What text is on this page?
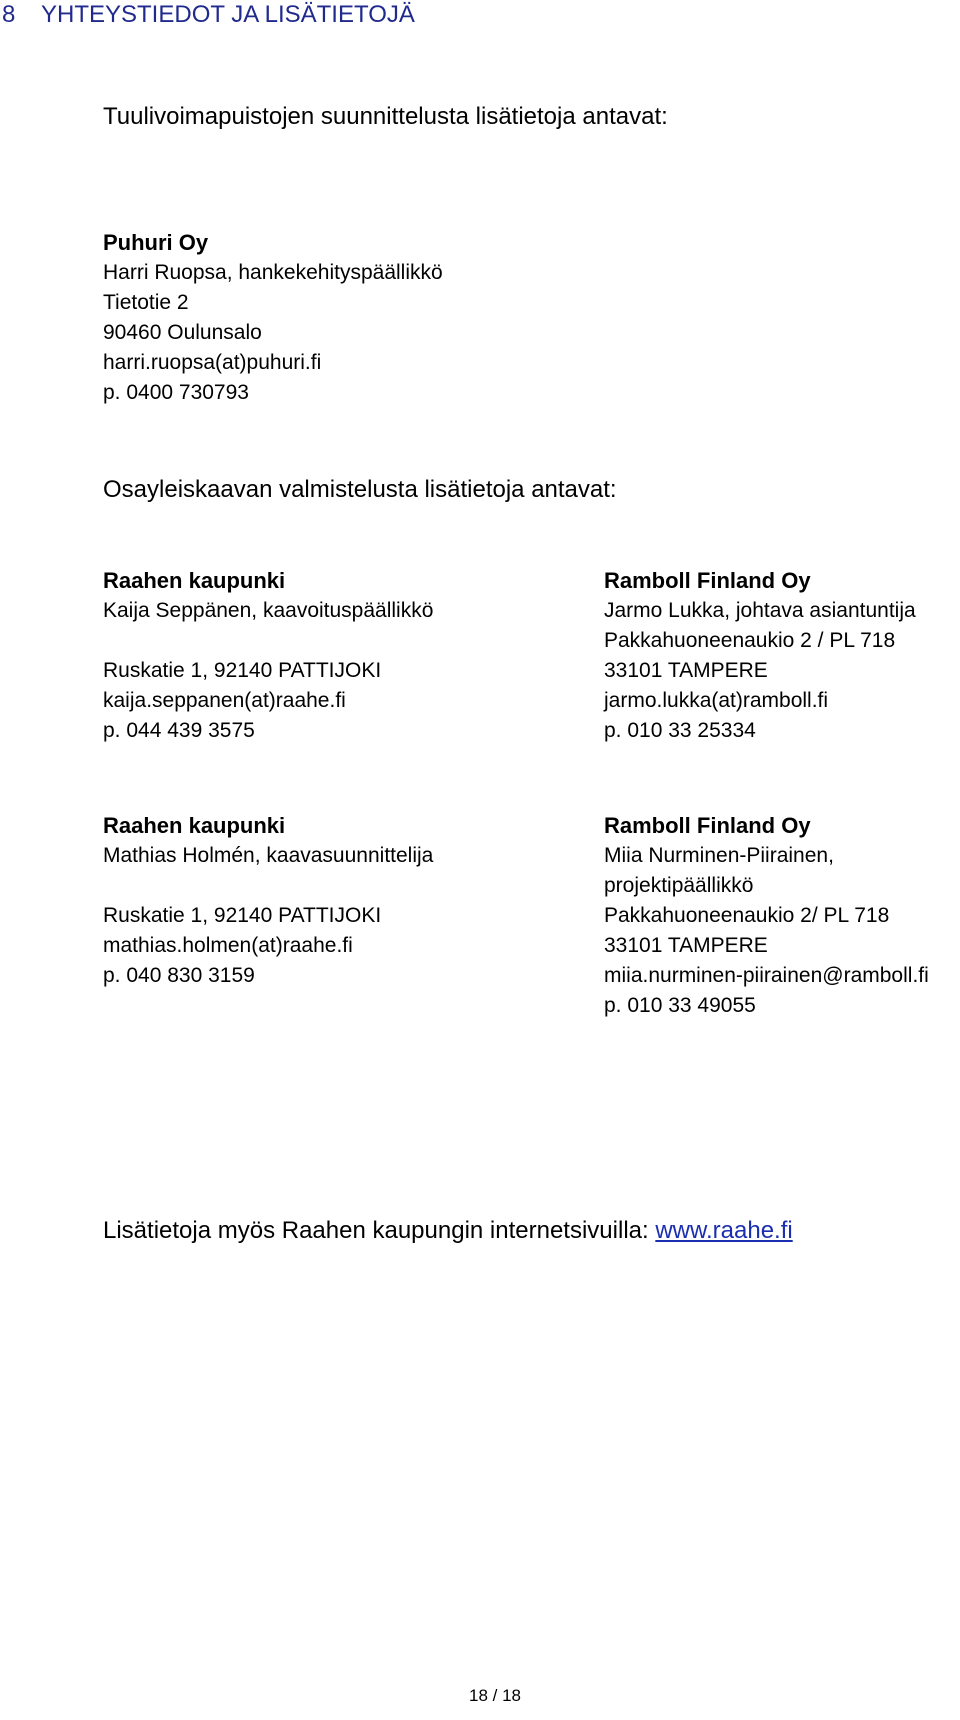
8 YHTEYSTIEDOT JA LISÄTIETOJÄ
Tuulivoimapuistojen suunnittelusta lisätietoja antavat:
Puhuri Oy
Harri Ruopsa, hankekehityspäällikkö
Tietotie 2
90460 Oulunsalo
harri.ruopsa(at)puhuri.fi
p. 0400 730793
Osayleiskaavan valmistelusta lisätietoja antavat:
Raahen kaupunki
Kaija Seppänen, kaavoituspäällikkö
Ruskatie 1, 92140 PATTIJOKI
kaija.seppanen(at)raahe.fi
p. 044 439 3575
Ramboll Finland Oy
Jarmo Lukka, johtava asiantuntija
Pakkahuoneenaukio 2 / PL 718
33101 TAMPERE
jarmo.lukka(at)ramboll.fi
p. 010 33 25334
Raahen kaupunki
Mathias Holmén, kaavasuunnittelija
Ruskatie 1, 92140 PATTIJOKI
mathias.holmen(at)raahe.fi
p. 040 830 3159
Ramboll Finland Oy
Miia Nurminen-Piirainen,
projektipäällikkö
Pakkahuoneenaukio 2/ PL 718
33101 TAMPERE
miia.nurminen-piirainen@ramboll.fi
p. 010 33 49055
Lisätietoja myös Raahen kaupungin internetsivuilla: www.raahe.fi
18 / 18
